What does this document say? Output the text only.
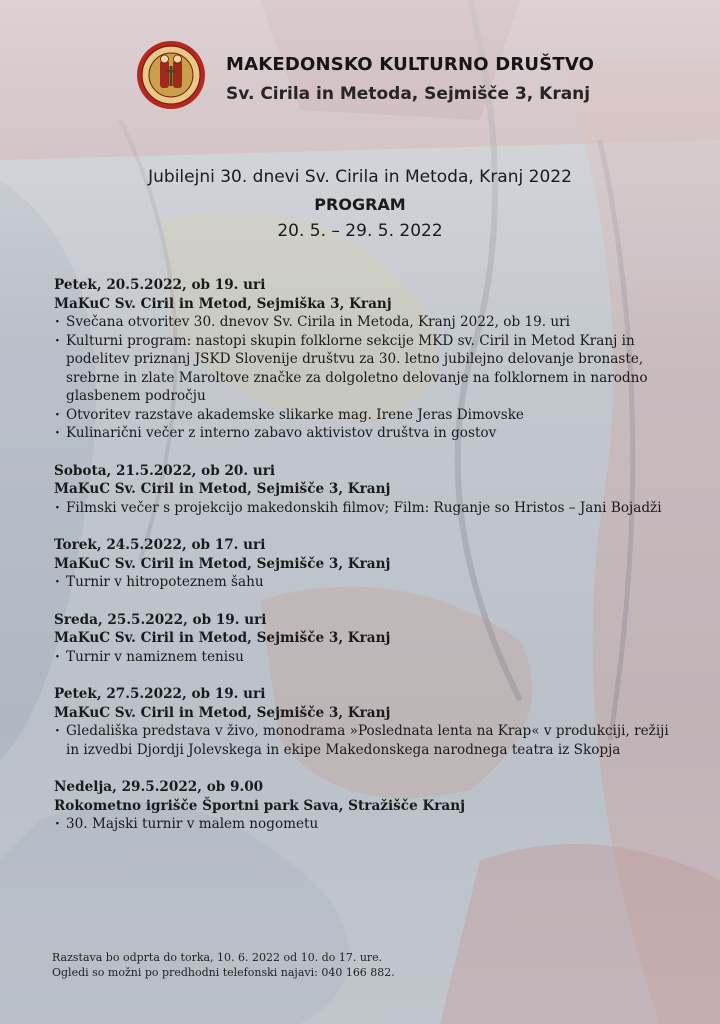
MAKEDONSKO KULTURNO DRUŠTVO
Sv. Cirila in Metoda, Sejmišče 3, Kranj
Jubilejni 30. dnevi Sv. Cirila in Metoda, Kranj 2022
PROGRAM
20. 5. – 29. 5. 2022
Petek, 20.5.2022, ob 19. uri
MaKuC Sv. Ciril in Metod, Sejmiška 3, Kranj
· Svečana otvoritev 30. dnevov Sv. Cirila in Metoda, Kranj 2022, ob 19. uri
· Kulturni program: nastopi skupin folklorne sekcije MKD sv. Ciril in Metod Kranj in podelitev priznanj JSKD Slovenije društvu za 30. letno jubilejno delovanje bronaste, srebrne in zlate Maroltove značke za dolgoletno delovanje na folklornem in narodno glasbenem področju
· Otvoritev razstave akademske slikarke mag. Irene Jeras Dimovske
· Kulinarični večer z interno zabavo aktivistov društva in gostov
Sobota, 21.5.2022, ob 20. uri
MaKuC Sv. Ciril in Metod, Sejmišče 3, Kranj
· Filmski večer s projekcijo makedonskih filmov; Film: Ruganje so Hristos – Jani Bojadži
Torek, 24.5.2022, ob 17. uri
MaKuC Sv. Ciril in Metod, Sejmišče 3, Kranj
· Turnir v hitropoteznem šahu
Sreda, 25.5.2022, ob 19. uri
MaKuC Sv. Ciril in Metod, Sejmišče 3, Kranj
· Turnir v namiznem tenisu
Petek, 27.5.2022, ob 19. uri
MaKuC Sv. Ciril in Metod, Sejmišče 3, Kranj
· Gledališka predstava v živo, monodrama »Poslednata lenta na Krap« v produkciji, režiji in izvedbi Djordji Jolevskega in ekipe Makedonskega narodnega teatra iz Skopja
Nedelja, 29.5.2022, ob 9.00
Rokometno igrišče Športni park Sava, Stražišče Kranj
· 30. Majski turnir v malem nogometu
Razstava bo odprta do torka, 10. 6. 2022 od 10. do 17. ure.
Ogledi so možni po predhodni telefonski najavi: 040 166 882.
